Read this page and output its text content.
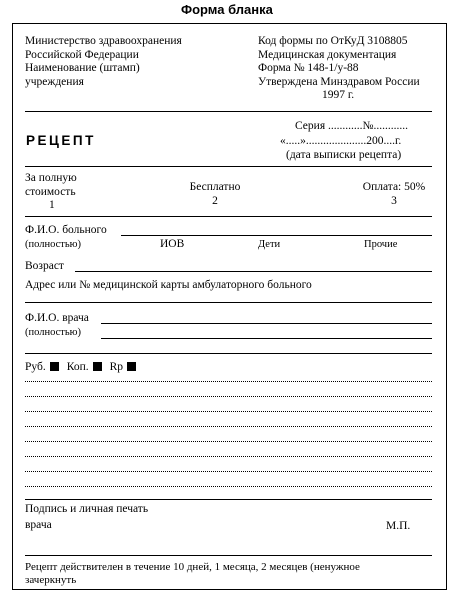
Форма бланка
Министерство здравоохранения
Российской Федерации
Наименование (штамп)
учреждения
Код формы по ОтКуД 3108805
Медицинская документация
Форма № 148-1/у-88
Утверждена Минздравом России
1997 г.
РЕЦЕПТ
Серия ............№............
«.....».....................200....г.
(дата выписки рецепта)
За полную
стоимость
1
Бесплатно
2
Оплата: 50%
3
Ф.И.О. больного
(полностью)	ИОВ	Дети	Прочие
Возраст
Адрес или № медицинской карты амбулаторного больного
Ф.И.О. врача
(полностью)
Руб. Коп. Rp
Подпись и личная печать
врача	М.П.
Рецепт действителен в течение 10 дней, 1 месяца, 2 месяцев (ненужное
зачеркнуть
